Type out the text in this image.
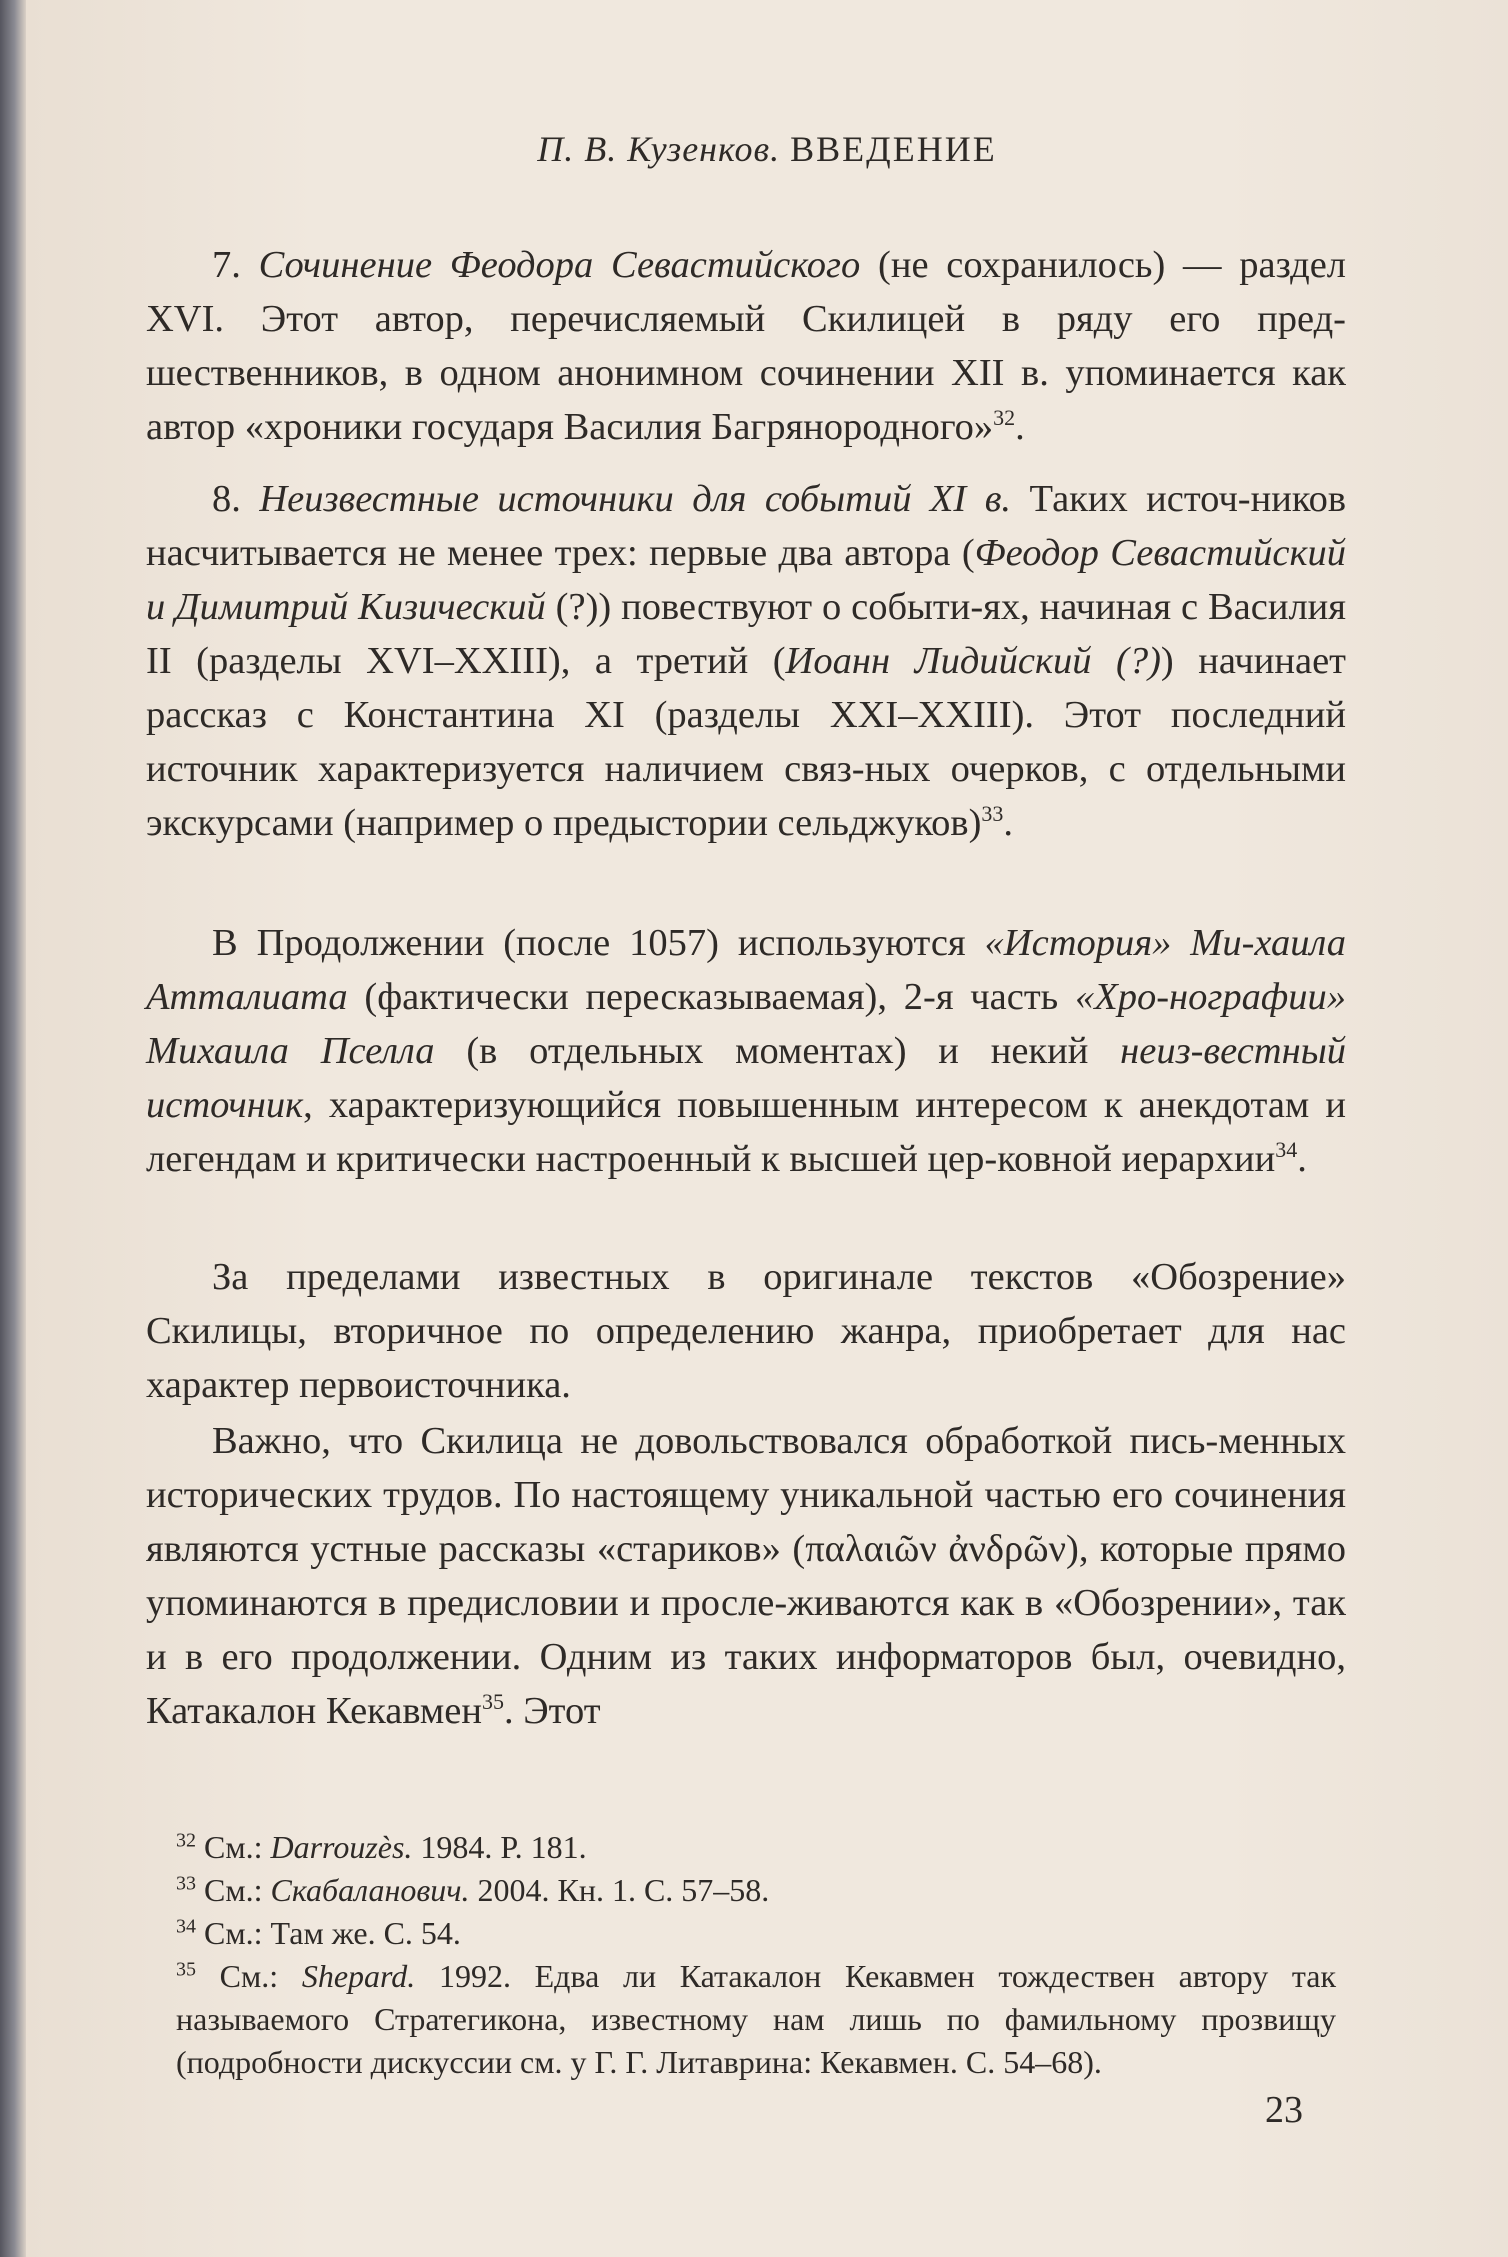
П. В. Кузенков. ВВЕДЕНИЕ

7. Сочинение Феодора Севастийского (не сохранилось) — раздел XVI. Этот автор, перечисляемый Скилицей в ряду его пред-шественников, в одном анонимном сочинении XII в. упоминается как автор «хроники государя Василия Багрянородного»$^{32}$.

8. Неизвестные источники для событий XI в. Таких источ-ников насчитывается не менее трех: первые два автора (Феодор Севастийский и Димитрий Кизический (?)) повествуют о событи-ях, начиная с Василия II (разделы XVI–XXIII), а третий (Иоанн Лидийский (?)) начинает рассказ с Константина XI (разделы XXI–XXIII). Этот последний источник характеризуется наличием связ-ных очерков, с отдельными экскурсами (например о предыстории сельджуков)$^{33}$.

В Продолжении (после 1057) используются «История» Ми-хаила Атталиата (фактически пересказываемая), 2-я часть «Хро-нографии» Михаила Пселла (в отдельных моментах) и некий неиз-вестный источник, характеризующийся повышенным интересом к анекдотам и легендам и критически настроенный к высшей цер-ковной иерархии$^{34}$.

За пределами известных в оригинале текстов «Обозрение» Скилицы, вторичное по определению жанра, приобретает для нас характер первоисточника.

Важно, что Скилица не довольствовался обработкой пись-менных исторических трудов. По настоящему уникальной частью его сочинения являются устные рассказы «стариков» (παλαιῶν ἀνδρῶν), которые прямо упоминаются в предисловии и просле-живаются как в «Обозрении», так и в его продолжении. Одним из таких информаторов был, очевидно, Катакалон Кекавмен$^{35}$. Этот

$^{32}$ См.: Darrouzès. 1984. P. 181.

$^{33}$ См.: Скабаланович. 2004. Кн. 1. С. 57–58.

$^{34}$ См.: Там же. С. 54.

$^{35}$ См.: Shepard. 1992. Едва ли Катакалон Кекавмен тождествен автору так называемого Стратегикона, известному нам лишь по фамильному прозвищу (подробности дискуссии см. у Г. Г. Литаврина: Кекавмен. С. 54–68).

23
